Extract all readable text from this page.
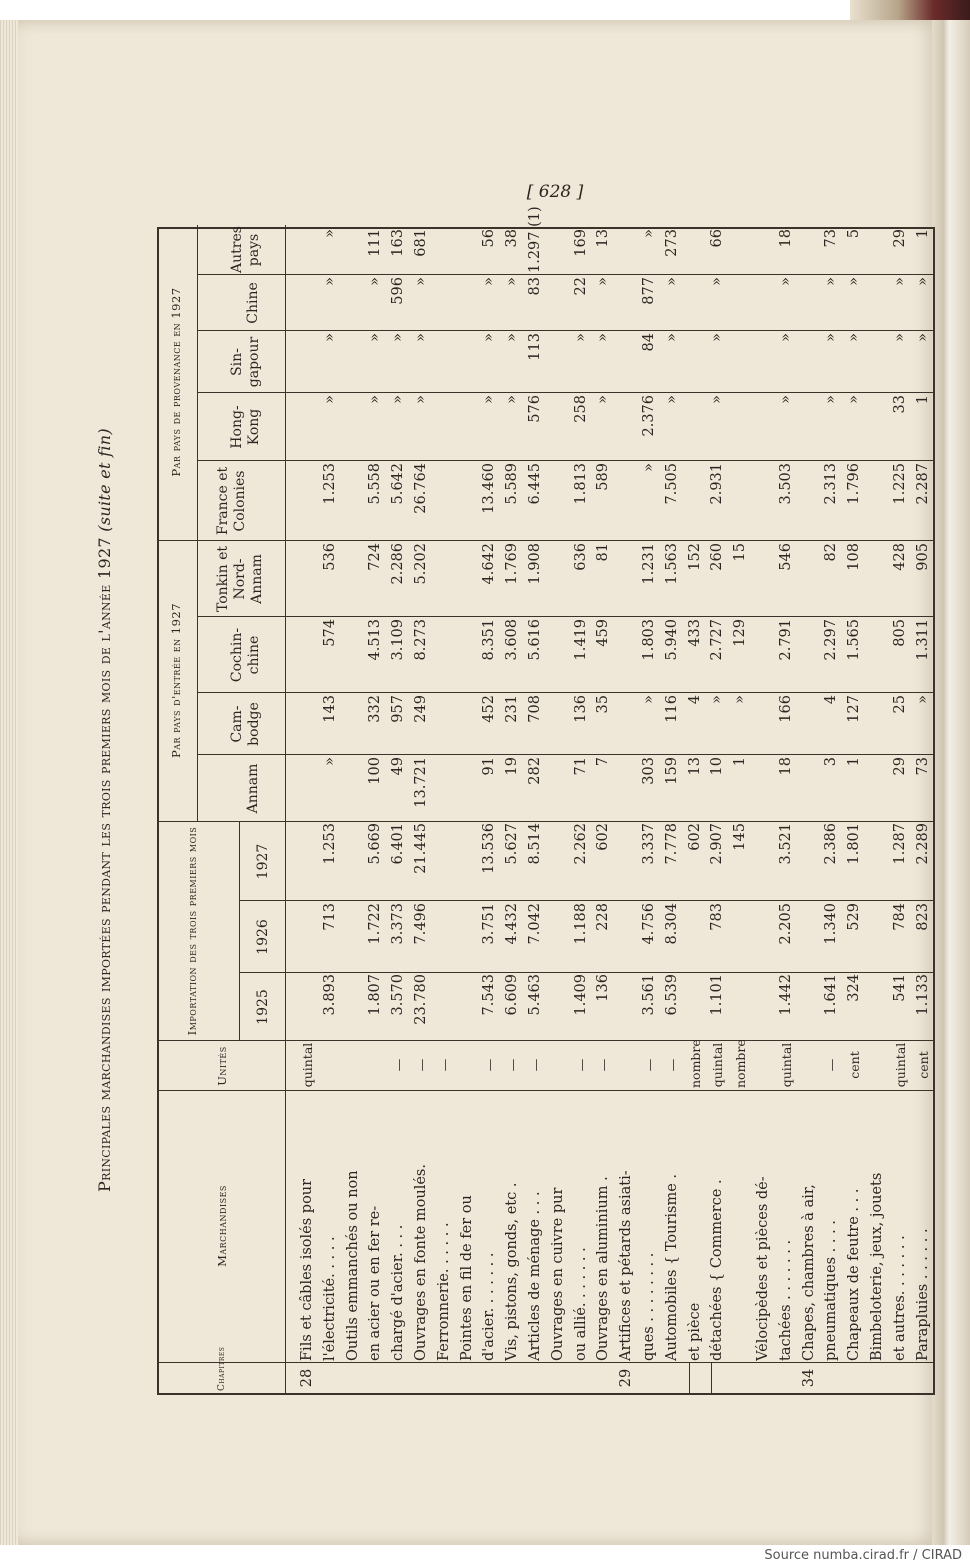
[ 628 ]
Principales marchandises importées pendant les trois premiers mois de l'année 1927 (suite et fin)
Chapitres
Marchandises
Unités
Importation des trois premiers mois
Par pays d'entrée en 1927
Par pays de provenance en 1927
1925
1926
1927
Annam
Cam-bodge
Cochin-chine
Tonkin et Nord-Annam
France et Colonies
Hong-Kong
Sin-gapour
Chine
Autres pays
28
Fils et câbles isolés pour
quintal
l'électricité. . . . .
3.893
713
1.253
»
143
574
536
1.253
»
»
»
»
Outils emmanchés ou non en acier ou en fer re-
1.807
1.722
5.669
100
332
4.513
724
5.558
»
»
»
111
chargé d'acier. . . .
—
3.570
3.373
6.401
49
957
3.109
2.286
5.642
»
»
596
163
Ouvrages en fonte moulés.
—
23.780
7.496
21.445
13.721
249
8.273
5.202
26.764
»
»
»
681
Ferronnerie. . . . . .
—
Pointes en fil de fer ou d'acier. . . . . . .
—
7.543
3.751
13.536
91
452
8.351
4.642
13.460
»
»
»
56
Vis, pistons, gonds, etc .
—
6.609
4.432
5.627
19
231
3.608
1.769
5.589
»
»
»
38
Articles de ménage . . .
—
5.463
7.042
8.514
282
708
5.616
1.908
6.445
576
113
83
1.297 (1)
Ouvrages en cuivre pur ou allié. . . . . . .
—
1.409
1.188
2.262
71
136
1.419
636
1.813
258
»
22
169
Ouvrages en aluminium .
—
136
228
602
7
35
459
81
589
»
»
»
13
29
Artifices et pétards asiati- ques . . . . . . . .
—
3.561
4.756
3.337
303
»
1.803
1.231
»
2.376
84
877
»
Automobiles { Tourisme .
—
6.539
8.304
7.778
159
116
5.940
1.563
7.505
»
»
»
273
et pièce
nombre
602
13
4
433
152
détachées { Commerce .
quintal
1.101
783
2.907
10
»
2.727
260
2.931
»
»
»
66
nombre
145
1
»
129
15
Vélocipèdes et pièces dé- tachées . . . . . . .
quintal
1.442
2.205
3.521
18
166
2.791
546
3.503
»
»
»
18
34
Chapes, chambres à air, pneumatiques . . . .
—
1.641
1.340
2.386
3
4
2.297
82
2.313
»
»
»
73
Chapeaux de feutre . . .
cent
324
529
1.801
1
127
1.565
108
1.796
»
»
»
5
Bimbeloterie, jeux, jouets et autres. . . . . . .
quintal
541
784
1.287
29
25
805
428
1.225
33
»
»
29
Parapluies . . . . . .
cent
1.133
823
2.289
73
»
1.311
905
2.287
1
»
»
1
Source numba.cirad.fr / CIRAD
